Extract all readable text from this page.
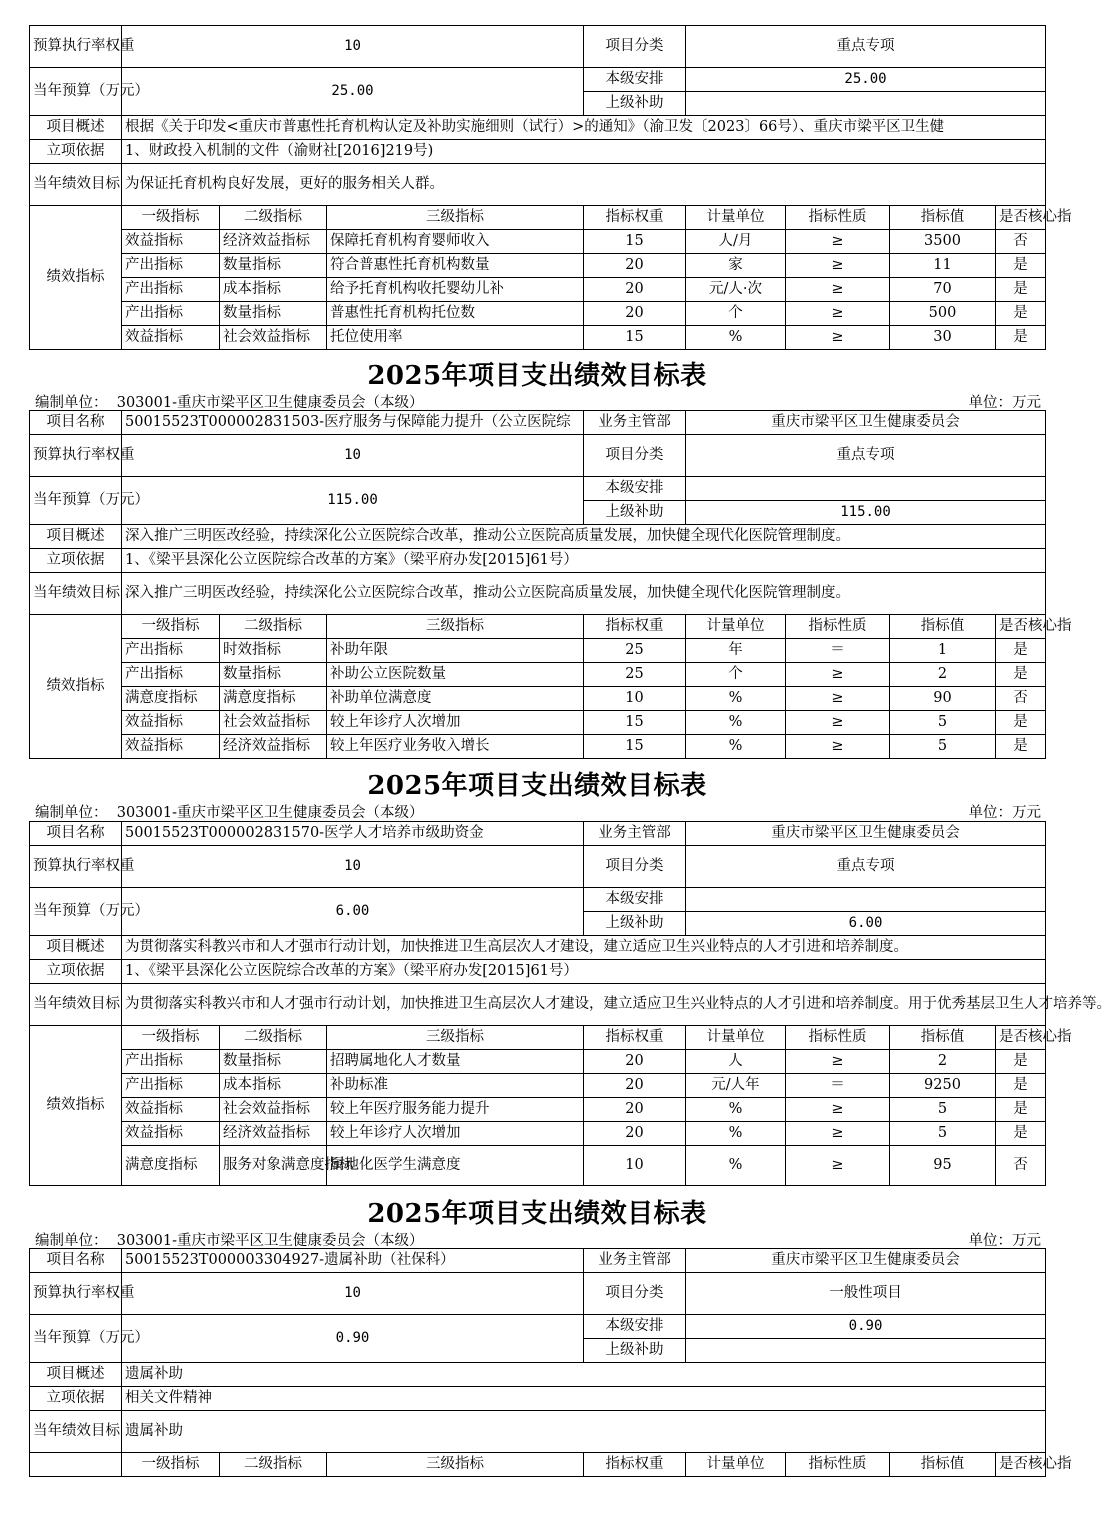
预算执行率权重	10			项目分类	重点专项			
当年预算（万元）	25.00			本级安排	25.00			
				上级补助				
项目概述	根据《关于印发<重庆市普惠性托育机构认定及补助实施细则（试行）>的通知》（渝卫发〔2023〕66号）、重庆市梁平区卫生健							
立项依据	1、财政投入机制的文件（渝财社[2016]219号)							
当年绩效目标	为保证托育机构良好发展，更好的服务相关人群。							
绩效指标	一级指标	二级指标	三级指标	指标权重	计量单位	指标性质	指标值	是否核心指
	效益指标	经济效益指标	保障托育机构育婴师收入	15	人/月	≥	3500	否
	产出指标	数量指标	符合普惠性托育机构数量	20	家	≥	11	是
	产出指标	成本指标	给予托育机构收托婴幼儿补	20	元/人·次	≥	70	是
	产出指标	数量指标	普惠性托育机构托位数	20	个	≥	500	是
	效益指标	社会效益指标	托位使用率	15	%	≥	30	是
2025年项目支出绩效目标表
编制单位： 303001-重庆市梁平区卫生健康委员会（本级）	单位：万元
项目名称	50015523T000002831503-医疗服务与保障能力提升（公立医院综			业务主管部	重庆市梁平区卫生健康委员会			
预算执行率权重	10			项目分类	重点专项			
当年预算（万元）	115.00			本级安排				
				上级补助	115.00			
项目概述	深入推广三明医改经验，持续深化公立医院综合改革，推动公立医院高质量发展，加快健全现代化医院管理制度。							
立项依据	1、《梁平县深化公立医院综合改革的方案》（梁平府办发[2015]61号）							
当年绩效目标	深入推广三明医改经验，持续深化公立医院综合改革，推动公立医院高质量发展，加快健全现代化医院管理制度。							
绩效指标	一级指标	二级指标	三级指标	指标权重	计量单位	指标性质	指标值	是否核心指
	产出指标	时效指标	补助年限	25	年	＝	1	是
	产出指标	数量指标	补助公立医院数量	25	个	≥	2	是
	满意度指标	满意度指标	补助单位满意度	10	%	≥	90	否
	效益指标	社会效益指标	较上年诊疗人次增加	15	%	≥	5	是
	效益指标	经济效益指标	较上年医疗业务收入增长	15	%	≥	5	是
2025年项目支出绩效目标表
编制单位： 303001-重庆市梁平区卫生健康委员会（本级）	单位：万元
项目名称	50015523T000002831570-医学人才培养市级助资金			业务主管部	重庆市梁平区卫生健康委员会			
预算执行率权重	10			项目分类	重点专项			
当年预算（万元）	6.00			本级安排				
				上级补助	6.00			
项目概述	为贯彻落实科教兴市和人才强市行动计划，加快推进卫生高层次人才建设，建立适应卫生兴业特点的人才引进和培养制度。							
立项依据	1、《梁平县深化公立医院综合改革的方案》（梁平府办发[2015]61号）							
当年绩效目标	为贯彻落实科教兴市和人才强市行动计划，加快推进卫生高层次人才建设，建立适应卫生兴业特点的人才引进和培养制度。用于优秀基层卫生人才培养等。							
绩效指标	一级指标	二级指标	三级指标	指标权重	计量单位	指标性质	指标值	是否核心指
	产出指标	数量指标	招聘属地化人才数量	20	人	≥	2	是
	产出指标	成本指标	补助标准	20	元/人年	＝	9250	是
	效益指标	社会效益指标	较上年医疗服务能力提升	20	%	≥	5	是
	效益指标	经济效益指标	较上年诊疗人次增加	20	%	≥	5	是
	满意度指标	服务对象满意度指标	属地化医学生满意度	10	%	≥	95	否
2025年项目支出绩效目标表
编制单位： 303001-重庆市梁平区卫生健康委员会（本级）	单位：万元
项目名称	50015523T000003304927-遗属补助（社保科）			业务主管部	重庆市梁平区卫生健康委员会			
预算执行率权重	10			项目分类	一般性项目			
当年预算（万元）	0.90			本级安排	0.90			
				上级补助				
项目概述	遗属补助							
立项依据	相关文件精神							
当年绩效目标	遗属补助							
	一级指标	二级指标	三级指标	指标权重	计量单位	指标性质	指标值	是否核心指
